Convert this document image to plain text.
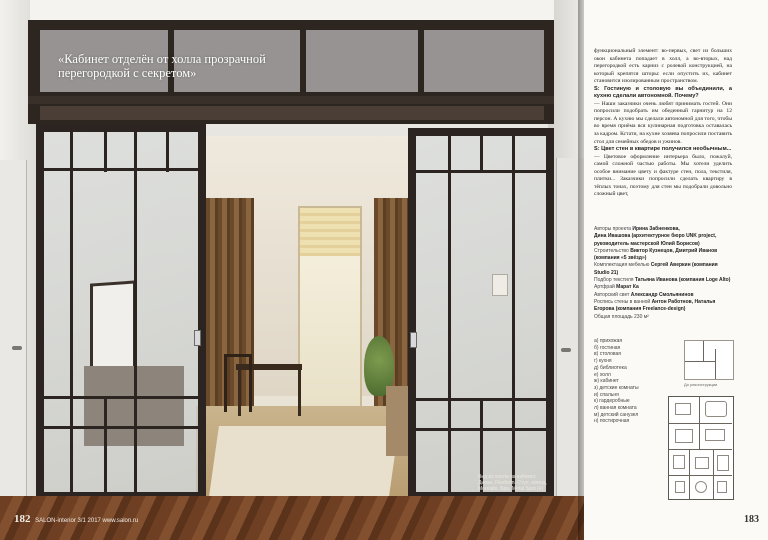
«Кабинет отделён от холла прозрачной перегородкой с секретом»

Вид из холла на кабинет. Диван, Flexform. Стул, комод, Morelato. Бра, Metal Spot (4)

182 SALON-interior 3/1 2017 www.salon.ru

функциональный элемент: во-первых, свет из больших окон кабинета попадает в холл, а во-вторых, над перегородкой есть карниз с ролевой конструкцией, на который крепятся шторы: если опустить их, кабинет становится изолированным пространством.

S: Гостиную и столовую вы объединили, а кухню сделали автономной. Почему?

— Наши заказчики очень любят принимать гостей. Они попросили подобрать им обеденный гарнитур на 12 персон. А кухню мы сделали автономной для того, чтобы во время приёма вся кулинарная подготовка оставалась за кадром. Кстати, на кухне хозяева попросили поставить стол для семейных обедов и ужинов.

S: Цвет стен в квартире получился необычным...

— Цветовое оформление интерьера было, пожалуй, самой сложной частью работы. Мы хотели уделить особое внимание цвету и фактуре стен, пола, текстиля, плитки... Заказчики попросили сделать квартиру в тёплых тонах, поэтому для стен мы подобрали довольно сложный цвет,

Авторы проекта Ирина Забненкова,
Дина Ивашова (архитектурное бюро UNK project, руководитель мастерской Юлий Борисов)
Строительство Виктор Кузнецов, Дмитрий Иванов (компания «5 звёзд»)
Комплектация мебелью Сергей Аверкин (компания Studio 21)
Подбор текстиля Татьяна Иванова (компания Loge Alto)
Артфрай Марат Ка
Авторский свет Александр Смольянинов
Роспись стены в ванной Антон Работнов, Наталья Егорова (компания Freelance-design)
Общая площадь 230 м²
а) прихожая
б) гостиная
в) столовая
г) кухня
д) библиотека
е) холл
ж) кабинет
з) детские комнаты
и) спальня
к) гардеробные
л) ванная комната
м) детский санузел
н) постирочная
До реконструкции

183
